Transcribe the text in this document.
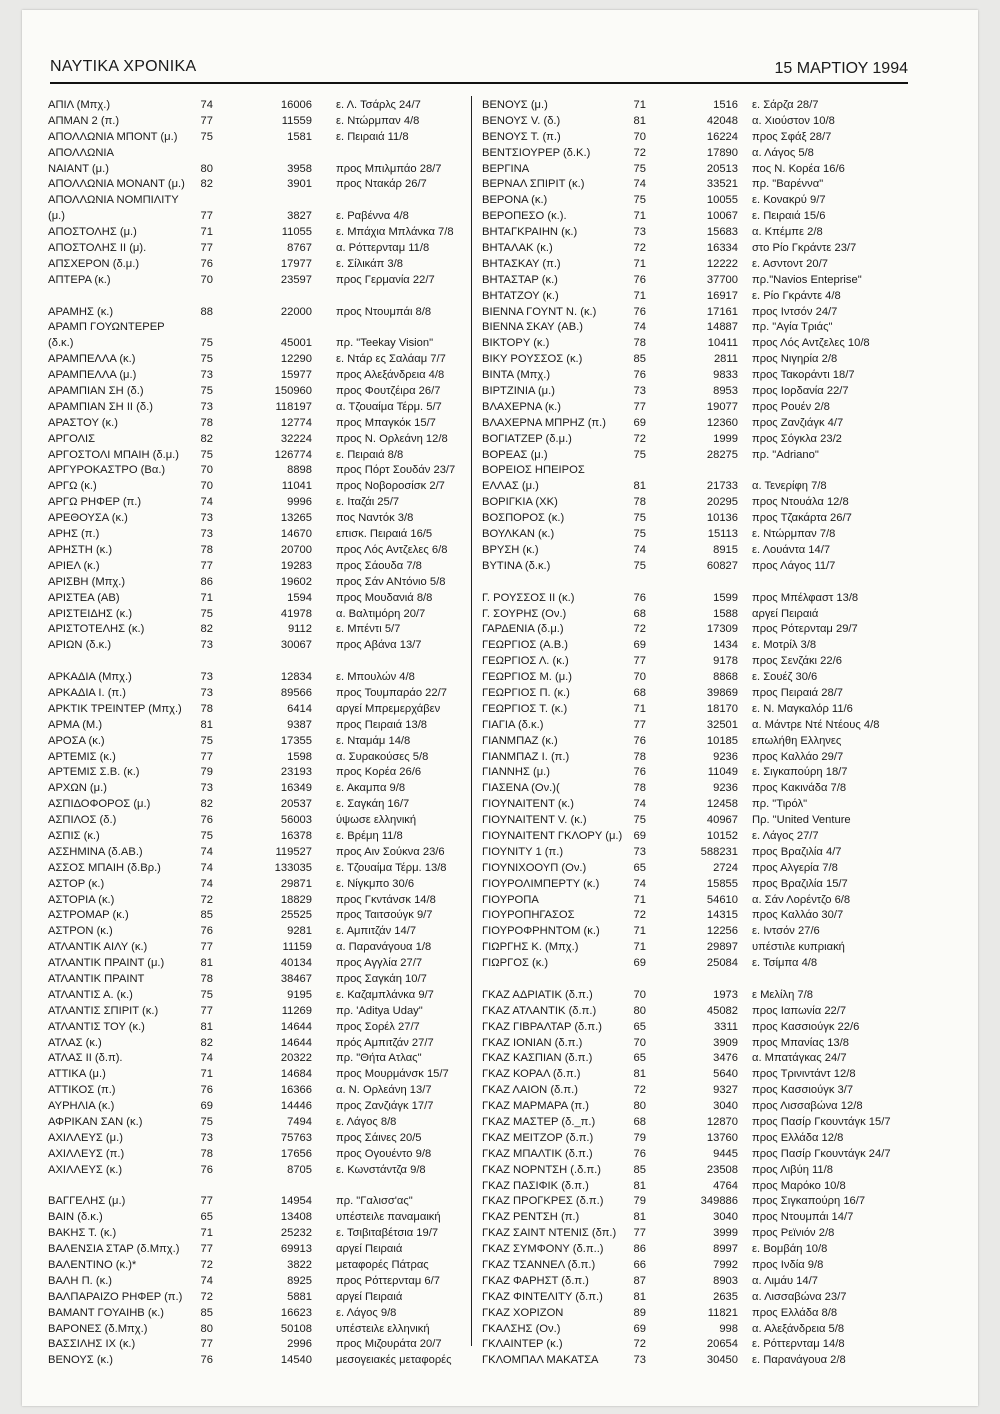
ΝΑΥΤΙΚΑ ΧΡΟΝΙΚΑ	15 ΜΑΡΤΙΟΥ 1994
ΑΠΙΛ (Μπχ.)	74	16006 ε. Λ. Τσάρλς 24/7
ΑΠΜΑΝ 2 (π.)	77	11559 ε. Ντώρμπαν 4/8
ΑΠΟΛΛΩΝΙΑ ΜΠΟΝΤ (μ.)	75	1581 ε. Πειραιά 11/8
ΑΠΟΛΛΩΝΙΑ
ΝΑΙΑΝΤ (μ.)	80	3958 προς Μπιλμπάο 28/7
ΑΠΟΛΛΩΝΙΑ ΜΟΝΑΝΤ (μ.)	82	3901 προς Ντακάρ 26/7
ΑΠΟΛΛΩΝΙΑ ΝΟΜΠΙΛΙΤΥ
(μ.)	77	3827 ε. Ραβέννα 4/8
ΑΠΟΣΤΟΛΗΣ (μ.)	71	11055 ε. Μπάχια Μπλάνκα 7/8
ΑΠΟΣΤΟΛΗΣ ΙΙ (μ).	77	8767 α. Ρόττερνταμ 11/8
ΑΠΣΧΕΡΟΝ (δ.μ.)	76	17977 ε. Σίλικάπ 3/8
ΑΠΤΕΡΑ (κ.)	70	23597 προς Γερμανία 22/7
ΑΡΑΜΗΣ (κ.)	88	22000 προς Ντουμπάι 8/8
ΑΡΑΜΠ ΓΟΥΩΝΤΕΡΕΡ
(δ.κ.)	75	45001 πρ. "Teekay Vision"
ΑΡΑΜΠΕΛΛΑ (κ.)	75	12290 ε. Ντάρ ες Σαλάαμ 7/7
ΑΡΑΜΠΕΛΛΑ (μ.)	73	15977 προς Αλεξάνδρεια 4/8
ΑΡΑΜΠΙΑΝ ΣΗ (δ.)	75	150960 προς Φουτζέιρα 26/7
ΑΡΑΜΠΙΑΝ ΣΗ ΙΙ (δ.)	73	118197 α. Τζουαίμα Τέρμ. 5/7
ΑΡΑΣΤΟΥ (κ.)	78	12774 προς Μπαγκόκ 15/7
ΑΡΓΟΛΙΣ	82	32224 προς Ν. Ορλεάνη 12/8
ΑΡΓΟΣΤΟΛΙ ΜΠΑΙΗ (δ.μ.)	75	126774 ε. Πειραιά 8/8
ΑΡΓΥΡΟΚΑΣΤΡΟ (Βα.)	70	8898 προς Πόρτ Σουδάν 23/7
ΑΡΓΩ (κ.)	70	11041 προς Νοβοροσίσκ 2/7
ΑΡΓΩ ΡΗΦΕΡ (π.)	74	9996 ε. Ιταζάι 25/7
ΑΡΕΘΟΥΣΑ (κ.)	73	13265 πος Ναντόκ 3/8
ΑΡΗΣ (π.)	73	14670 επισκ. Πειραιά 16/5
ΑΡΗΣΤΗ (κ.)	78	20700 προς Λός Αντζελες 6/8
ΑΡΙΕΛ (κ.)	77	19283 προς Σάουδα 7/8
ΑΡΙΣΒΗ (Μπχ.)	86	19602 προς Σάν ΑΝτόνιο 5/8
ΑΡΙΣΤΕΑ (ΑΒ)	71	1594 προς Μουδανιά 8/8
ΑΡΙΣΤΕΙΔΗΣ (κ.)	75	41978 α. Βαλτιμόρη 20/7
ΑΡΙΣΤΟΤΕΛΗΣ (κ.)	82	9112 ε. Μπέντι 5/7
ΑΡΙΩΝ (δ.κ.)	73	30067 προς Αβάνα 13/7
ΑΡΚΑΔΙΑ (Μπχ.)	73	12834 ε. Μπουλών 4/8
ΑΡΚΑΔΙΑ Ι. (π.)	73	89566 προς Τουμπαράο 22/7
ΑΡΚΤΙΚ ΤΡΕΙΝΤΕΡ (Μπχ.)	78	6414 αργεί Μπρεμερχάβεν
ΑΡΜΑ (Μ.)	81	9387 προς Πειραιά 13/8
ΑΡΟΣΑ (κ.)	75	17355 ε. Νταμάμ 14/8
ΑΡΤΕΜΙΣ (κ.)	77	1598 α. Συρακούσες 5/8
ΑΡΤΕΜΙΣ Σ.Β. (κ.)	79	23193 προς Κορέα 26/6
ΑΡΧΩΝ (μ.)	73	16349 ε. Ακαμπα 9/8
ΑΣΠΙΔΟΦΟΡΟΣ (μ.)	82	20537 ε. Σαγκάη 16/7
ΑΣΠΙΛΟΣ (δ.)	76	56003 ύψωσε ελληνική
ΑΣΠΙΣ (κ.)	75	16378 ε. Βρέμη 11/8
ΑΣΣΗΜΙΝΑ (δ.ΑΒ.)	74	119527 προς Αιν Σούκνα 23/6
ΑΣΣΟΣ ΜΠΑΙΗ (δ.Βρ.)	74	133035 ε. Τζουαίμα Τέρμ. 13/8
ΑΣΤΟΡ (κ.)	74	29871 ε. Νίγκμπο 30/6
ΑΣΤΟΡΙΑ (κ.)	72	18829 προς Γκντάνσκ 14/8
ΑΣΤΡΟΜΑΡ (κ.)	85	25525 προς Ταιτσούγκ 9/7
ΑΣΤΡΟΝ (κ.)	76	9281 ε. Αμπιτζάν 14/7
ΑΤΛΑΝΤΙΚ ΑΙΛΥ (κ.)	77	11159 α. Παρανάγουα 1/8
ΑΤΛΑΝΤΙΚ ΠΡΑΙΝΤ (μ.)	81	40134 προς Αγγλία 27/7
ΑΤΛΑΝΤΙΚ ΠΡΑΙΝΤ	78	38467 προς Σαγκάη 10/7
ΑΤΛΑΝΤΙΣ Α. (κ.)	75	9195 ε. Καζαμπλάνκα 9/7
ΑΤΛΑΝΤΙΣ ΣΠΙΡΙΤ (κ.)	77	11269 πρ. 'Aditya Uday"
ΑΤΛΑΝΤΙΣ ΤΟΥ (κ.)	81	14644 προς Σορέλ 27/7
ΑΤΛΑΣ (κ.)	82	14644 πρός Αμπιτζάν 27/7
ΑΤΛΑΣ ΙΙ (δ.π).	74	20322 πρ. "Θήτα Ατλας"
ΑΤΤΙΚΑ (μ.)	71	14684 προς Μουρμάνσκ 15/7
ΑΤΤΙΚΟΣ (π.)	76	16366 α. Ν. Ορλεάνη 13/7
ΑΥΡΗΛΙΑ (κ.)	69	14446 προς Ζανζιάγκ 17/7
ΑΦΡΙΚΑΝ ΣΑΝ (κ.)	75	7494 ε. Λάγος 8/8
ΑΧΙΛΛΕΥΣ (μ.)	73	75763 προς Σάινες 20/5
ΑΧΙΛΛΕΥΣ (π.)	78	17656 προς Ογουέντο 9/8
ΑΧΙΛΛΕΥΣ (κ.)	76	8705 ε. Κωνστάντζα 9/8
ΒΑΓΓΕΛΗΣ (μ.)	77	14954 πρ. "Γαλισσ'ας"
ΒΑΙΝ (δ.κ.)	65	13408 υπέστειλε παναμαική
ΒΑΚΗΣ Τ. (κ.)	71	25232 ε. Τσιβιταβέτσια 19/7
ΒΑΛΕΝΣΙΑ ΣΤΑΡ (δ.Μπχ.)	77	69913 αργεί Πειραιά
ΒΑΛΕΝΤΙΝΟ (κ.)*	72	3822 μεταφορές Πάτρας
ΒΑΛΗ Π. (κ.)	74	8925 προς Ρόττερνταμ 6/7
ΒΑΛΠΑΡΑΙΖΟ ΡΗΦΕΡ (π.)	72	5881 αργεί Πειραιά
ΒΑΜΑΝΤ ΓΟΥΑΙΗΒ (κ.)	85	16623 ε. Λάγος 9/8
ΒΑΡΟΝΕΣ (δ.Μπχ.)	80	50108 υπέστειλε ελληνική
ΒΑΣΣΙΛΗΣ ΙΧ (κ.)	77	2996 προς Μιζουράτα 20/7
ΒΕΝΟΥΣ (κ.)	76	14540 μεσογειακές μεταφορές
ΒΕΝΟΥΣ (μ.)	71	1516 ε. Σάρζα 28/7
ΒΕΝΟΥΣ V. (δ.)	81	42048 α. Χιούστον 10/8
ΒΕΝΟΥΣ Τ. (π.)	70	16224 προς Σφάξ 28/7
ΒΕΝΤΣΙΟΥΡΕΡ (δ.Κ.)	72	17890 α. Λάγος 5/8
ΒΕΡΓΙΝΑ	75	20513 πος Ν. Κορέα 16/6
ΒΕΡΝΑΛ ΣΠΙΡΙΤ (κ.)	74	33521 πρ. "Βαρέννα"
ΒΕΡΟΝΑ (κ.)	75	10055 ε. Κονακρύ 9/7
ΒΕΡΟΠΕΣΟ (κ.).	71	10067 ε. Πειραιά 15/6
ΒΗΤΑΓΚΡΑΙΗΝ (κ.)	73	15683 α. Κπέμπε 2/8
ΒΗΤΑΛΑΚ (κ.)	72	16334 στο Ρίο Γκράντε 23/7
ΒΗΤΑΣΚΑΥ (π.)	71	12222 ε. Ασντοντ 20/7
ΒΗΤΑΣΤΑΡ (κ.)	76	37700 πρ."Navios Enteprise"
ΒΗΤΑΤΖΟΥ (κ.)	71	16917 ε. Ρίο Γκράντε 4/8
ΒΙΕΝΝΑ ΓΟΥΝΤ Ν. (κ.)	76	17161 προς Ιντσόν 24/7
ΒΙΕΝΝΑ ΣΚΑΥ (ΑΒ.)	74	14887 πρ. "Αγία Τριάς"
ΒΙΚΤΟΡΥ (κ.)	78	10411 προς Λός Αντζελες 10/8
ΒΙΚΥ ΡΟΥΣΣΟΣ (κ.)	85	2811 προς Νιγηρία 2/8
ΒΙΝΤΑ (Μπχ.)	76	9833 προς Τακοράντι 18/7
ΒΙΡΤΖΙΝΙΑ (μ.)	73	8953 προς Ιορδανία 22/7
ΒΛΑΧΕΡΝΑ (κ.)	77	19077 προς Ρουέν 2/8
ΒΛΑΧΕΡΝΑ ΜΠΡΗΖ (π.)	69	12360 προς Ζανζιάγκ 4/7
ΒΟΓΙΑΤΖΕΡ (δ.μ.)	72	1999 προς Σόγκλα 23/2
ΒΟΡΕΑΣ (μ.)	75	28275 πρ. "Adriano"
ΒΟΡΕΙΟΣ ΗΠΕΙΡΟΣ
ΕΛΛΑΣ (μ.)	81	21733 α. Τενερίφη 7/8
ΒΟΡΙΓΚΙΑ (ΧΚ)	78	20295 προς Ντουάλα 12/8
ΒΟΣΠΟΡΟΣ (κ.)	75	10136 προς Τζακάρτα 26/7
ΒΟΥΛΚΑΝ (κ.)	75	15113 ε. Ντώρμπαν 7/8
ΒΡΥΣΗ (κ.)	74	8915 ε. Λουάντα 14/7
ΒΥΤΙΝΑ (δ.κ.)	75	60827 προς Λάγος 11/7
Γ. ΡΟΥΣΣΟΣ ΙΙ (κ.)	76	1599 προς Μπέλφαστ 13/8
Γ. ΣΟΥΡΗΣ (Ον.)	68	1588 αργεί Πειραιά
ΓΑΡΔΕΝΙΑ (δ.μ.)	72	17309 προς Ρότερνταμ 29/7
ΓΕΩΡΓΙΟΣ (Α.Β.)	69	1434 ε. Μοτρίλ 3/8
ΓΕΩΡΓΙΟΣ Λ. (κ.)	77	9178 προς Σενζάκι 22/6
ΓΕΩΡΓΙΟΣ Μ. (μ.)	70	8868 ε. Σουέζ 30/6
ΓΕΩΡΓΙΟΣ Π. (κ.)	68	39869 προς Πειραιά 28/7
ΓΕΩΡΓΙΟΣ Τ. (κ.)	71	18170 ε. Ν. Μαγκαλόρ 11/6
ΓΙΑΓΙΑ (δ.κ.)	77	32501 α. Μάντρε Ντέ Ντέους 4/8
ΓΙΑΝΜΠΑΖ (κ.)	76	10185 επωλήθη Ελληνες
ΓΙΑΝΜΠΑΖ Ι. (π.)	78	9236 προς Καλλάο 29/7
ΓΙΑΝΝΗΣ (μ.)	76	11049 ε. Σιγκαπούρη 18/7
ΓΙΑΣΕΝΑ (Ον.)(	78	9236 προς Κακινάδα 7/8
ΓΙΟΥΝΑΙΤΕΝΤ (κ.)	74	12458 πρ. "Τιρόλ"
ΓΙΟΥΝΑΙΤΕΝΤ V. (κ.)	75	40967 Πρ. "United Venture
ΓΙΟΥΝΑΙΤΕΝΤ ΓΚΛΟΡΥ (μ.)	69	10152 ε. Λάγος 27/7
ΓΙΟΥΝΙΤΥ 1 (π.)	73	588231 προς Βραζιλία 4/7
ΓΙΟΥΝΙΧΟΟΥΠ (Ον.)	65	2724 προς Αλγερία 7/8
ΓΙΟΥΡΟΛΙΜΠΕΡΤΥ (κ.)	74	15855 προς Βραζιλία 15/7
ΓΙΟΥΡΟΠΑ	71	54610 α. Σάν Λορέντζο 6/8
ΓΙΟΥΡΟΠΗΓΑΣΟΣ	72	14315 προς Καλλάο 30/7
ΓΙΟΥΡΟΦΡΗΝΤΟΜ (κ.)	71	12256 ε. Ιντσόν 27/6
ΓΙΩΡΓΗΣ Κ. (Μπχ.)	71	29897 υπέστιλε κυπριακή
ΓΙΩΡΓΟΣ (κ.)	69	25084 ε. Τσίμπα 4/8
ΓΚΑΖ ΑΔΡΙΑΤΙΚ (δ.π.)	70	1973 ε Μελίλη 7/8
ΓΚΑΖ ΑΤΛΑΝΤΙΚ (δ.π.)	80	45082 προς Ιαπωνία 22/7
ΓΚΑΖ ΓΙΒΡΑΛΤΑΡ (δ.π.)	65	3311 προς Κασσιούγκ 22/6
ΓΚΑΖ ΙΟΝΙΑΝ (δ.π.)	70	3909 προς Μπανίας 13/8
ΓΚΑΖ ΚΑΣΠΙΑΝ (δ.π.)	65	3476 α. Μπατάγκας 24/7
ΓΚΑΖ ΚΟΡΑΛ (δ.π.)	81	5640 προς Τρινιντάντ 12/8
ΓΚΑΖ ΛΑΙΟΝ (δ.π.)	72	9327 προς Κασσιούγκ 3/7
ΓΚΑΖ ΜΑΡΜΑΡΑ (π.)	80	3040 προς Λισσαβώνα 12/8
ΓΚΑΖ ΜΑΣΤΕΡ (δ._π.)	68	12870 προς Πασίρ Γκουντάγκ 15/7
ΓΚΑΖ ΜΕΙΤΖΟΡ (δ.π.)	79	13760 προς Ελλάδα 12/8
ΓΚΑΖ ΜΠΑΛΤΙΚ (δ.π.)	76	9445 προς Πασίρ Γκουντάγκ 24/7
ΓΚΑΖ ΝΟΡΝΤΣΗ (.δ.π.)	85	23508 προς Λιβύη 11/8
ΓΚΑΖ ΠΑΣΙΦΙΚ (δ.π.)	81	4764 προς Μαρόκο 10/8
ΓΚΑΖ ΠΡΟΓΚΡΕΣ (δ.π.)	79	349886 προς Σιγκαπούρη 16/7
ΓΚΑΖ ΡΕΝΤΣΗ (π.)	81	3040 προς Ντουμπάι 14/7
ΓΚΑΖ ΣΑΙΝΤ ΝΤΕΝΙΣ (δπ.)	77	3999 προς Ρεϊνιόν 2/8
ΓΚΑΖ ΣΥΜΦΟΝΥ (δ.π..)	86	8997 ε. Βομβάη 10/8
ΓΚΑΖ ΤΣΑΝΝΕΛ (δ.π.)	66	7992 προς Ινδία 9/8
ΓΚΑΖ ΦΑΡΗΣΤ (δ.π.)	87	8903 α. Λιμάυ 14/7
ΓΚΑΖ ΦΙΝΤΕΛΙΤΥ (δ.π.)	81	2635 α. Λισσαβώνα 23/7
ΓΚΑΖ ΧΟΡΙΖΟΝ	89	11821 προς Ελλάδα 8/8
ΓΚΑΛΣΗΣ (Ον.)	69	998 α. Αλεξάνδρεια 5/8
ΓΚΛΑΙΝΤΕΡ (κ.)	72	20654 ε. Ρόττερνταμ 14/8
ΓΚΛΟΜΠΑΛ ΜΑΚΑΤΣΑ	73	30450 ε. Παρανάγουα 2/8
